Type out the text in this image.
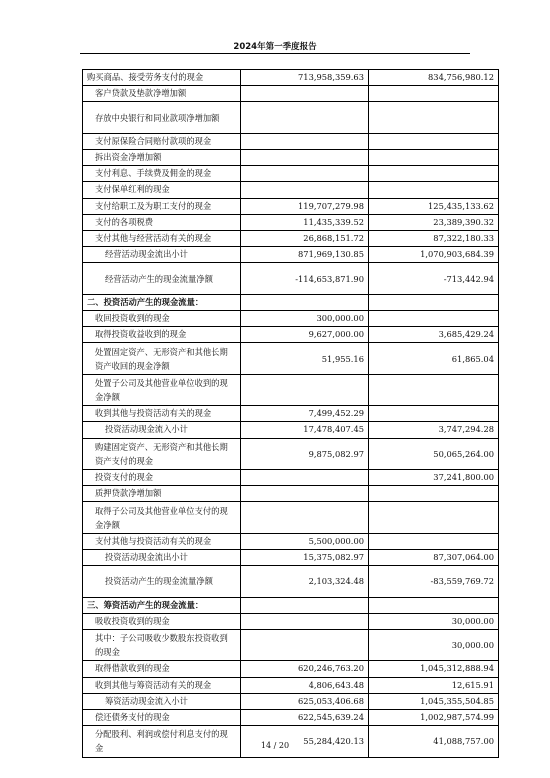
2024年第一季度报告
购买商品、接受劳务支付的现金	713,958,359.63	834,756,980.12
客户贷款及垫款净增加额		
存放中央银行和同业款项净增加额		
支付原保险合同赔付款项的现金		
拆出资金净增加额		
支付利息、手续费及佣金的现金		
支付保单红利的现金		
支付给职工及为职工支付的现金	119,707,279.98	125,435,133.62
支付的各项税费	11,435,339.52	23,389,390.32
支付其他与经营活动有关的现金	26,868,151.72	87,322,180.33
经营活动现金流出小计	871,969,130.85	1,070,903,684.39
经营活动产生的现金流量净额	-114,653,871.90	-713,442.94
二、投资活动产生的现金流量：		
收回投资收到的现金	300,000.00	
取得投资收益收到的现金	9,627,000.00	3,685,429.24
处置固定资产、无形资产和其他长期资产收回的现金净额	51,955.16	61,865.04
处置子公司及其他营业单位收到的现金净额		
收到其他与投资活动有关的现金	7,499,452.29	
投资活动现金流入小计	17,478,407.45	3,747,294.28
购建固定资产、无形资产和其他长期资产支付的现金	9,875,082.97	50,065,264.00
投资支付的现金		37,241,800.00
质押贷款净增加额		
取得子公司及其他营业单位支付的现金净额		
支付其他与投资活动有关的现金	5,500,000.00	
投资活动现金流出小计	15,375,082.97	87,307,064.00
投资活动产生的现金流量净额	2,103,324.48	-83,559,769.72
三、筹资活动产生的现金流量：		
吸收投资收到的现金		30,000.00
其中：子公司吸收少数股东投资收到的现金		30,000.00
取得借款收到的现金	620,246,763.20	1,045,312,888.94
收到其他与筹资活动有关的现金	4,806,643.48	12,615.91
筹资活动现金流入小计	625,053,406.68	1,045,355,504.85
偿还债务支付的现金	622,545,639.24	1,002,987,574.99
分配股利、利润或偿付利息支付的现金	55,284,420.13	41,088,757.00
14 / 20
